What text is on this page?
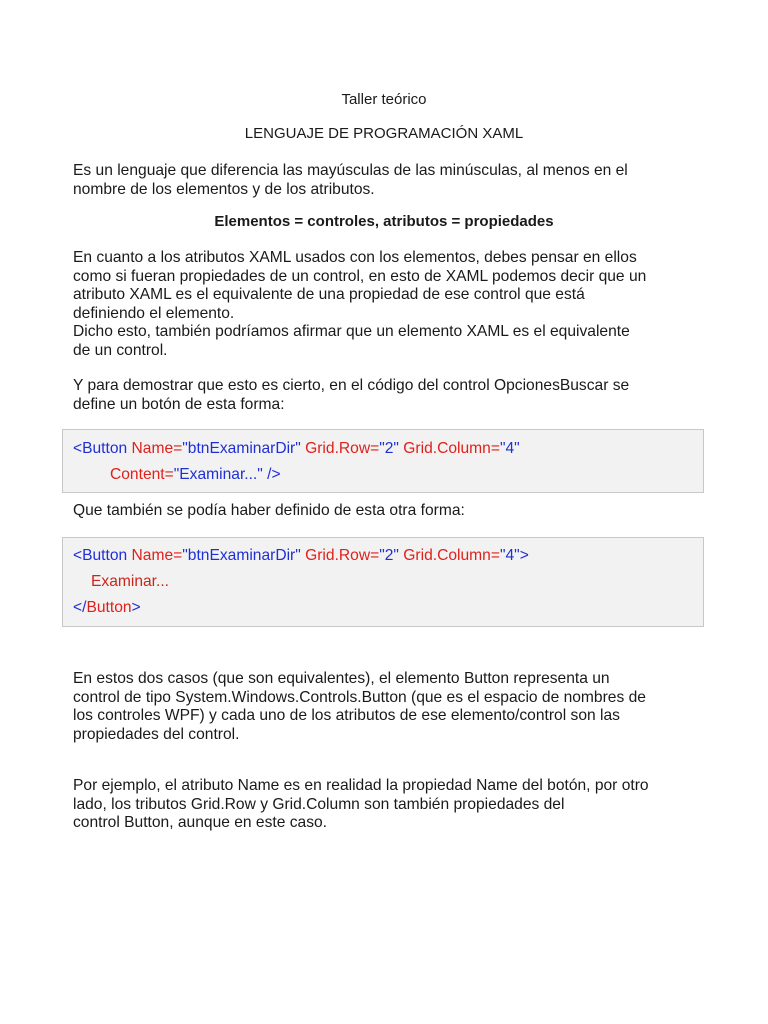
Taller teórico
LENGUAJE DE PROGRAMACIÓN XAML
Es un lenguaje que diferencia las mayúsculas de las minúsculas, al menos en el
nombre de los elementos y de los atributos.
Elementos = controles, atributos = propiedades
En cuanto a los atributos XAML usados con los elementos, debes pensar en ellos
como si fueran propiedades de un control, en esto de XAML podemos decir que un
atributo XAML es el equivalente de una propiedad de ese control que está
definiendo el elemento.
Dicho esto, también podríamos afirmar que un elemento XAML es el equivalente
de un control.
Y para demostrar que esto es cierto, en el código del control OpcionesBuscar se
define un botón de esta forma:
<Button Name="btnExaminarDir" Grid.Row="2" Grid.Column="4"
Content="Examinar..." />
Que también se podía haber definido de esta otra forma:
<Button Name="btnExaminarDir" Grid.Row="2" Grid.Column="4">
Examinar...
</Button>
En estos dos casos (que son equivalentes), el elemento Button representa un
control de tipo System.Windows.Controls.Button (que es el espacio de nombres de
los controles WPF) y cada uno de los atributos de ese elemento/control son las
propiedades del control.
Por ejemplo, el atributo Name es en realidad la propiedad Name del botón, por otro
lado, los tributos Grid.Row y Grid.Column son también propiedades del
control Button, aunque en este caso.
